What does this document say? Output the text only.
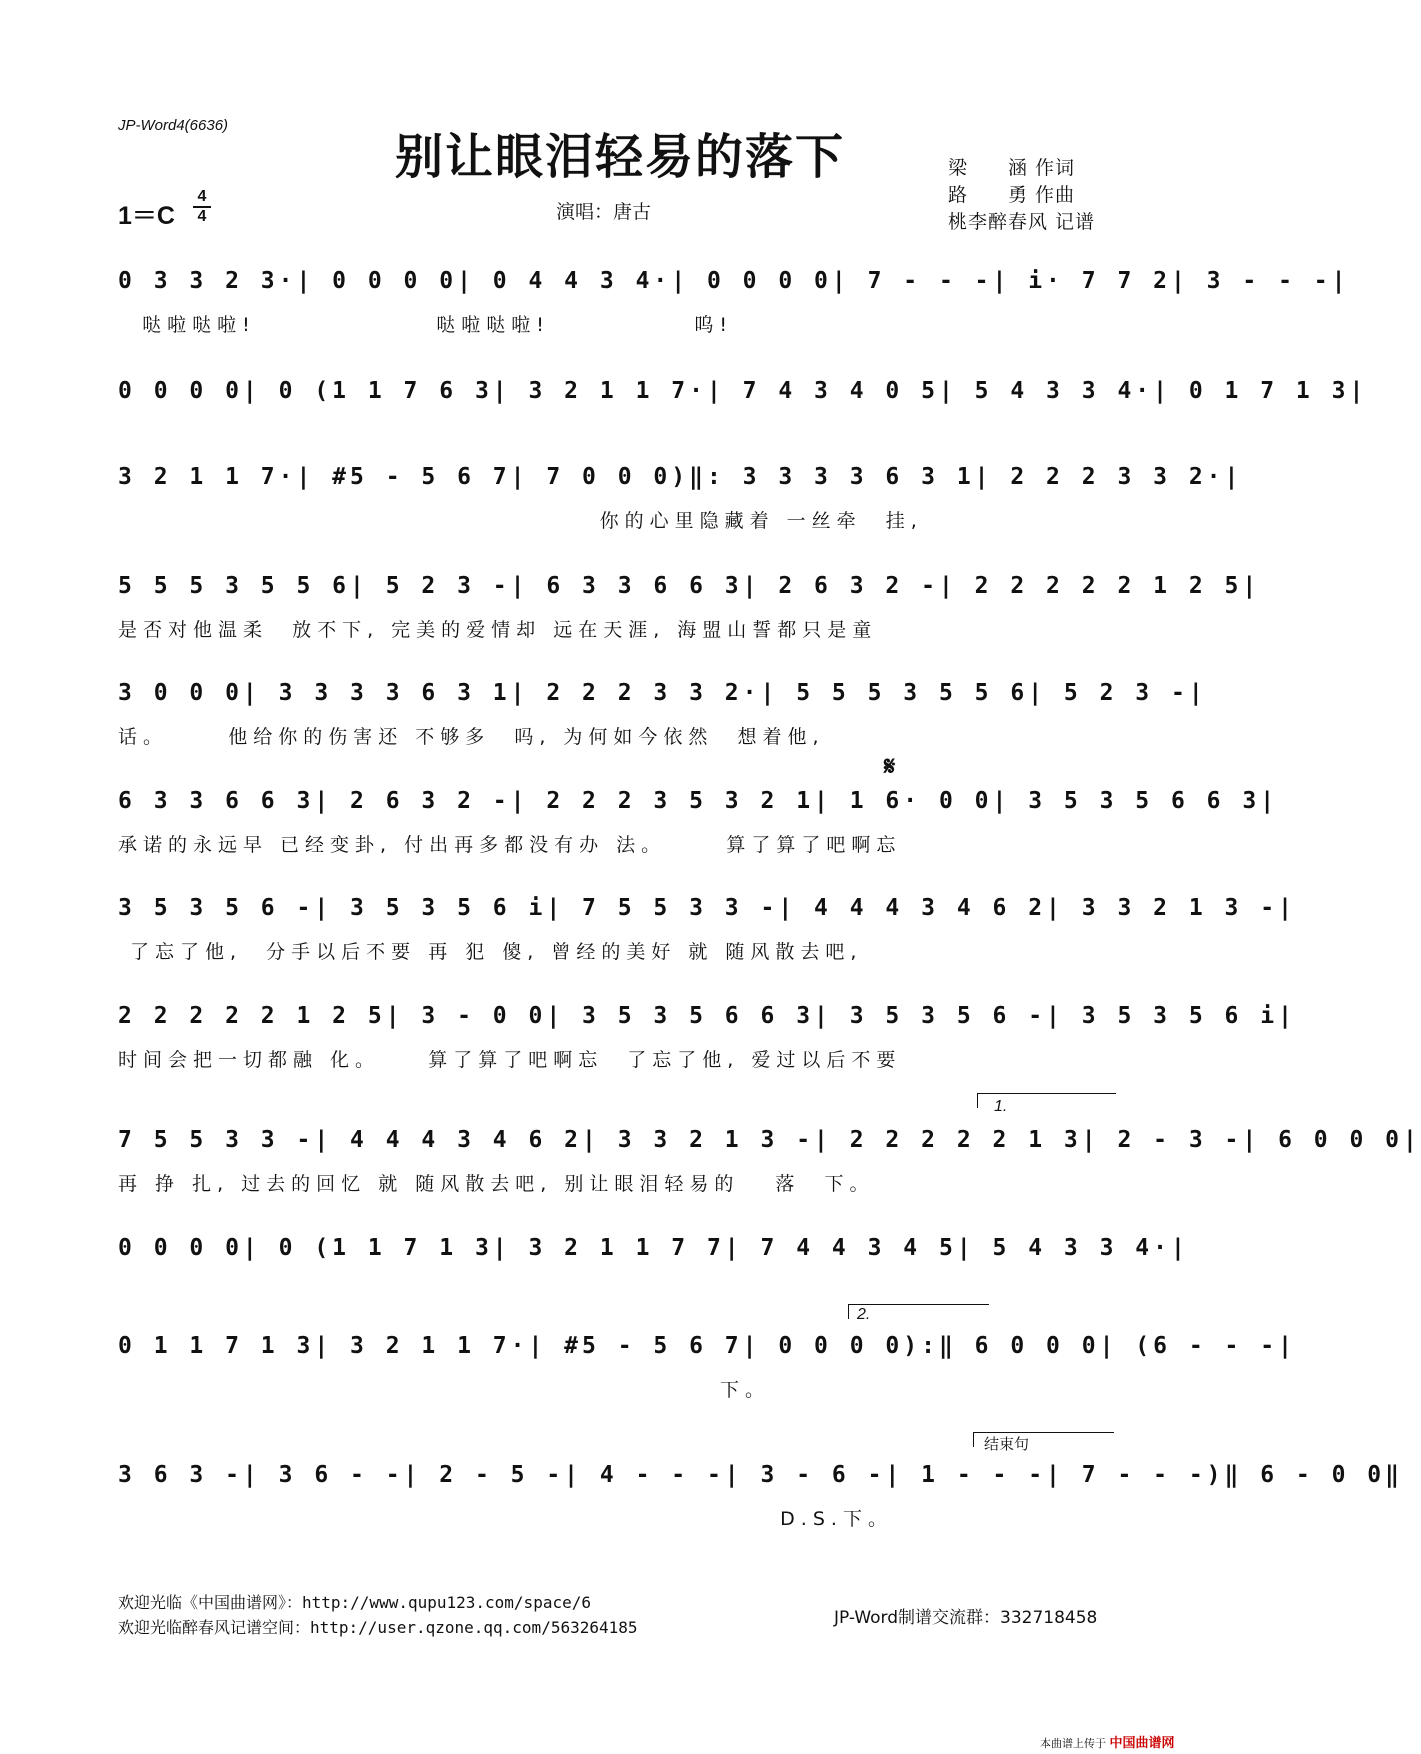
JP-Word4(6636)
别让眼泪轻易的落下	梁　　涵 作词
路　　勇 作曲
桃李醉春风 记谱
1＝C
4
4	演唱：唐古
0 3 3 2 3·| 0 0 0 0| 0 4 4 3 4·| 0 0 0 0| 7 - - -| i· 7 7 2| 3 - - -|
哒啦哒啦!               哒啦哒啦!            呜!
0 0 0 0| 0 (1 1 7 6 3| 3 2 1 1 7·| 7 4 3 4 0 5| 5 4 3 3 4·| 0 1 7 1 3|
3 2 1 1 7·| #5 - 5 6 7| 7 0 0 0)‖: 3 3 3 3 6 3 1| 2 2 2 3 3 2·|
你的心里隐藏着 一丝牵  挂,
5 5 5 3 5 5 6| 5 2 3 -| 6 3 3 6 6 3| 2 6 3 2 -| 2 2 2 2 2 1 2 5|
是否对他温柔  放不下, 完美的爱情却 远在天涯, 海盟山誓都只是童
3 0 0 0| 3 3 3 3 6 3 1| 2 2 2 3 3 2·| 5 5 5 3 5 5 6| 5 2 3 -|
话。     他给你的伤害还 不够多  吗, 为何如今依然  想着他,
𝄋
6 3 3 6 6 3| 2 6 3 2 -| 2 2 2 3 5 3 2 1| 1 6· 0 0| 3 5 3 5 6 6 3|
承诺的永远早 已经变卦, 付出再多都没有办 法。     算了算了吧啊忘
3 5 3 5 6 -| 3 5 3 5 6 i| 7 5 5 3 3 -| 4 4 4 3 4 6 2| 3 3 2 1 3 -|
了忘了他,  分手以后不要 再 犯 傻, 曾经的美好 就 随风散去吧,
2 2 2 2 2 1 2 5| 3 - 0 0| 3 5 3 5 6 6 3| 3 5 3 5 6 -| 3 5 3 5 6 i|
时间会把一切都融 化。    算了算了吧啊忘  了忘了他, 爱过以后不要
1.
7 5 5 3 3 -| 4 4 4 3 4 6 2| 3 3 2 1 3 -| 2 2 2 2 2 1 3| 2 - 3 -| 6 0 0 0|
再 挣 扎, 过去的回忆 就 随风散去吧, 别让眼泪轻易的   落  下。
0 0 0 0| 0 (1 1 7 1 3| 3 2 1 1 7 7| 7 4 4 3 4 5| 5 4 3 3 4·|
2.
0 1 1 7 1 3| 3 2 1 1 7·| #5 - 5 6 7| 0 0 0 0):‖ 6 0 0 0| (6 - - -|
下。
结束句
3 6 3 -| 3 6 - -| 2 - 5 -| 4 - - -| 3 - 6 -| 1 - - -| 7 - - -)‖ 6 - 0 0‖
D.S.下。
欢迎光临《中国曲谱网》：http://www.qupu123.com/space/6
欢迎光临醉春风记谱空间：http://user.qzone.qq.com/563264185	JP-Word制谱交流群：332718458
本曲谱上传于 中国曲谱网
